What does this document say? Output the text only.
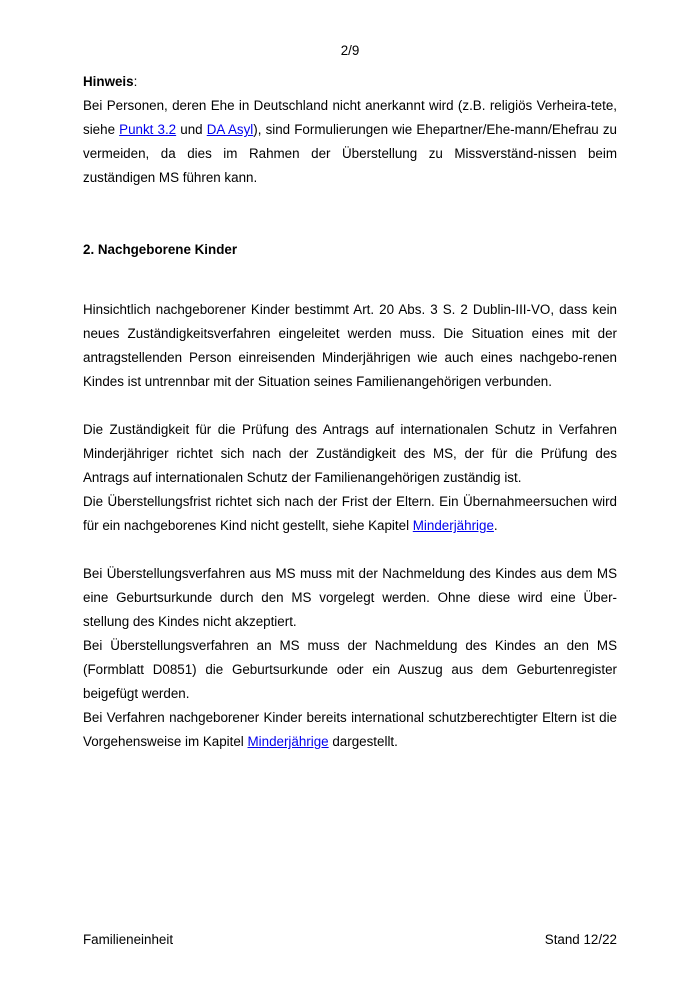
2/9
Hinweis:

Bei Personen, deren Ehe in Deutschland nicht anerkannt wird (z.B. religiös Verheira-tete, siehe Punkt 3.2 und DA Asyl), sind Formulierungen wie Ehepartner/Ehe-mann/Ehefrau zu vermeiden, da dies im Rahmen der Überstellung zu Missverständ-nissen beim zuständigen MS führen kann.

2. Nachgeborene Kinder

Hinsichtlich nachgeborener Kinder bestimmt Art. 20 Abs. 3 S. 2 Dublin-III-VO, dass kein neues Zuständigkeitsverfahren eingeleitet werden muss. Die Situation eines mit der antragstellenden Person einreisenden Minderjährigen wie auch eines nachgebo-renen Kindes ist untrennbar mit der Situation seines Familienangehörigen verbunden.

Die Zuständigkeit für die Prüfung des Antrags auf internationalen Schutz in Verfahren Minderjähriger richtet sich nach der Zuständigkeit des MS, der für die Prüfung des Antrags auf internationalen Schutz der Familienangehörigen zuständig ist.

Die Überstellungsfrist richtet sich nach der Frist der Eltern. Ein Übernahmeersuchen wird für ein nachgeborenes Kind nicht gestellt, siehe Kapitel Minderjährige.

Bei Überstellungsverfahren aus MS muss mit der Nachmeldung des Kindes aus dem MS eine Geburtsurkunde durch den MS vorgelegt werden. Ohne diese wird eine Über-stellung des Kindes nicht akzeptiert.

Bei Überstellungsverfahren an MS muss der Nachmeldung des Kindes an den MS (Formblatt D0851) die Geburtsurkunde oder ein Auszug aus dem Geburtenregister beigefügt werden.

Bei Verfahren nachgeborener Kinder bereits international schutzberechtigter Eltern ist die Vorgehensweise im Kapitel Minderjährige dargestellt.

Familieneinheit	Stand 12/22
